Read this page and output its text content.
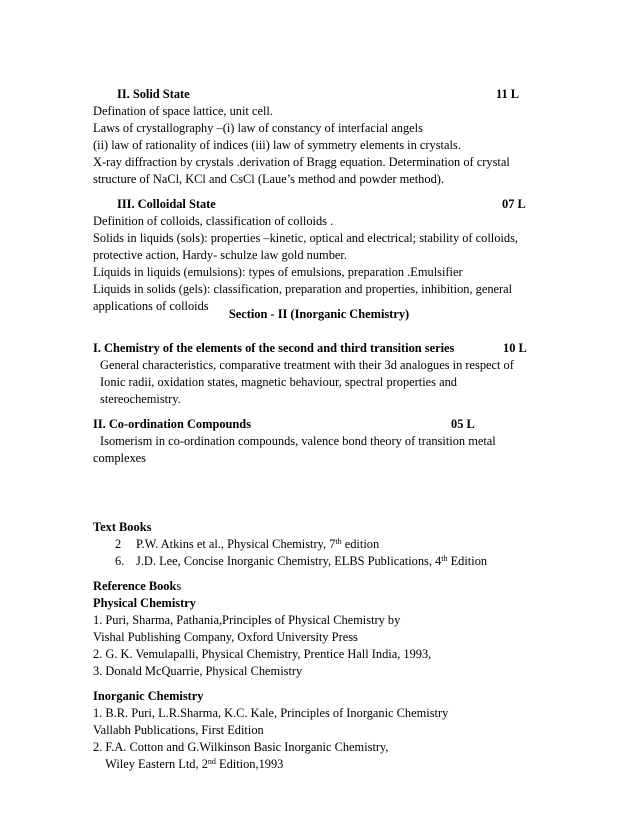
II. Solid State	11 L
Defination of space lattice, unit cell.
Laws of crystallography –(i) law of constancy of interfacial angels
(ii) law of rationality of indices (iii) law of symmetry elements in crystals.
X-ray diffraction by crystals .derivation of Bragg equation. Determination of crystal
structure of NaCl, KCl and CsCl (Laue’s method and powder method).
III. Colloidal State	07 L
Definition of colloids, classification of colloids .
Solids in liquids (sols): properties –kinetic, optical and electrical; stability of colloids,
protective action, Hardy- schulze law gold number.
Liquids in liquids (emulsions): types of emulsions, preparation .Emulsifier
Liquids in solids (gels): classification, preparation and properties, inhibition, general
applications of colloids
Section - II (Inorganic Chemistry)
I. Chemistry of the elements of the second and third transition series	10 L
General characteristics, comparative treatment with their 3d analogues in respect of
Ionic radii, oxidation states, magnetic behaviour, spectral properties and
stereochemistry.
II. Co-ordination Compounds	05 L
Isomerism in co-ordination compounds, valence bond theory of transition metal
complexes
Text Books
2 P.W. Atkins et al., Physical Chemistry, 7th edition
6. J.D. Lee, Concise Inorganic Chemistry, ELBS Publications, 4th Edition
Reference Books
Physical Chemistry
1. Puri, Sharma, Pathania,Principles of Physical Chemistry by
Vishal Publishing Company, Oxford University Press
2. G. K. Vemulapalli, Physical Chemistry, Prentice Hall India, 1993,
3. Donald McQuarrie, Physical Chemistry
Inorganic Chemistry
1. B.R. Puri, L.R.Sharma, K.C. Kale, Principles of Inorganic Chemistry
Vallabh Publications, First Edition
2. F.A. Cotton and G.Wilkinson Basic Inorganic Chemistry,
Wiley Eastern Ltd, 2nd Edition,1993
